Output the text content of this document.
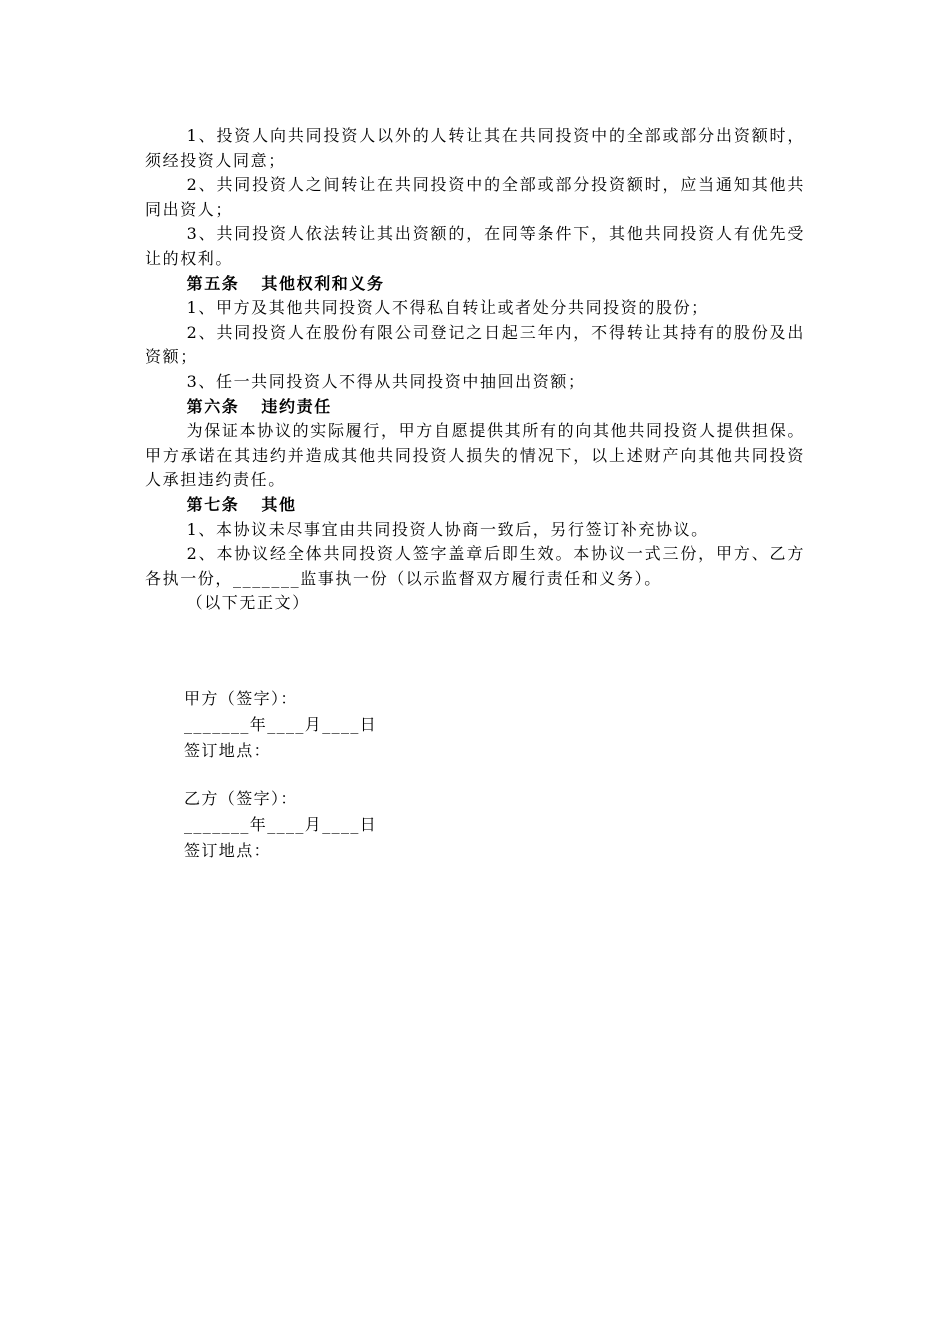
1、投资人向共同投资人以外的人转让其在共同投资中的全部或部分出资额时，须经投资人同意；

2、共同投资人之间转让在共同投资中的全部或部分投资额时，应当通知其他共同出资人；

3、共同投资人依法转让其出资额的，在同等条件下，其他共同投资人有优先受让的权利。

第五条 其他权利和义务

1、甲方及其他共同投资人不得私自转让或者处分共同投资的股份；

2、共同投资人在股份有限公司登记之日起三年内，不得转让其持有的股份及出资额；

3、任一共同投资人不得从共同投资中抽回出资额；

第六条 违约责任

为保证本协议的实际履行，甲方自愿提供其所有的向其他共同投资人提供担保。甲方承诺在其违约并造成其他共同投资人损失的情况下，以上述财产向其他共同投资人承担违约责任。

第七条 其他

1、本协议未尽事宜由共同投资人协商一致后，另行签订补充协议。

2、本协议经全体共同投资人签字盖章后即生效。本协议一式三份，甲方、乙方各执一份，_______监事执一份（以示监督双方履行责任和义务）。

（以下无正文）

甲方（签字）：

_______年____月____日

签订地点：

乙方（签字）：

_______年____月____日

签订地点：
